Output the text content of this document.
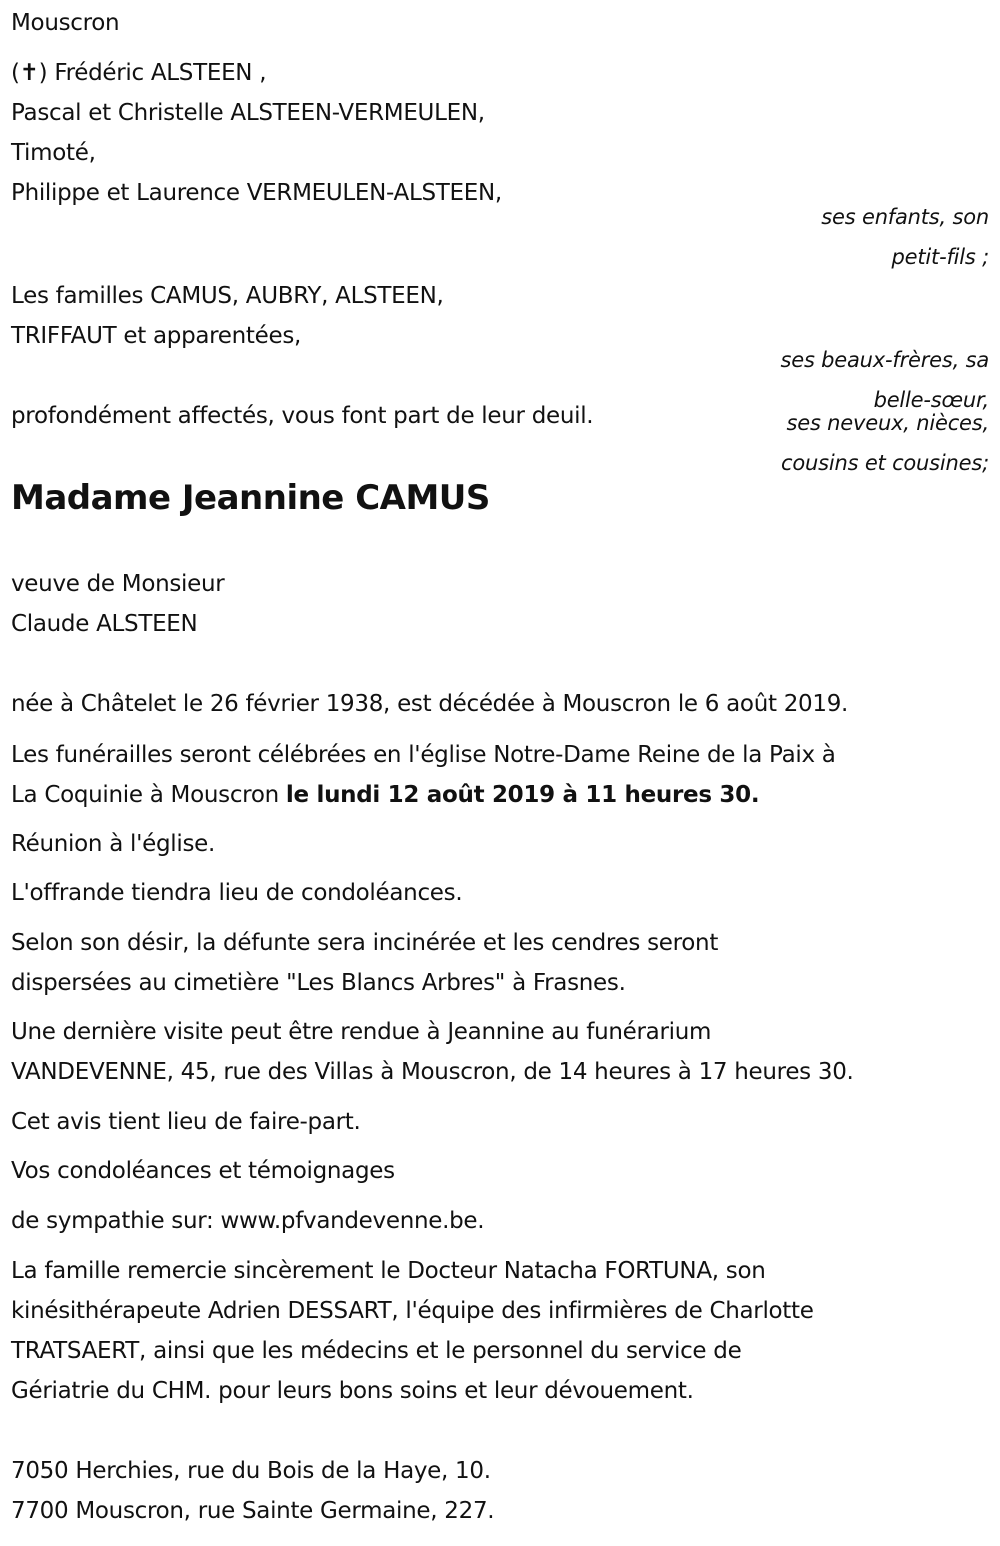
Mouscron
(✝) Frédéric ALSTEEN ,
Pascal et Christelle ALSTEEN-VERMEULEN,
Timoté,
Philippe et Laurence VERMEULEN-ALSTEEN,
ses enfants, son
petit-fils ;
Les familles CAMUS, AUBRY, ALSTEEN,
TRIFFAUT et apparentées,
ses beaux-frères, sa
belle-sœur,
ses neveux, nièces,
cousins et cousines;
profondément affectés, vous font part de leur deuil.
Madame Jeannine CAMUS
veuve de Monsieur
Claude ALSTEEN
née à Châtelet le 26 février 1938, est décédée à Mouscron le 6 août 2019.
Les funérailles seront célébrées en l'église Notre-Dame Reine de la Paix à
La Coquinie à Mouscron le lundi 12 août 2019 à 11 heures 30.
Réunion à l'église.
L'offrande tiendra lieu de condoléances.
Selon son désir, la défunte sera incinérée et les cendres seront
dispersées au cimetière "Les Blancs Arbres" à Frasnes.
Une dernière visite peut être rendue à Jeannine au funérarium
VANDEVENNE, 45, rue des Villas à Mouscron, de 14 heures à 17 heures 30.
Cet avis tient lieu de faire-part.
Vos condoléances et témoignages
de sympathie sur: www.pfvandevenne.be.
La famille remercie sincèrement le Docteur Natacha FORTUNA, son
kinésithérapeute Adrien DESSART, l'équipe des infirmières de Charlotte
TRATSAERT, ainsi que les médecins et le personnel du service de
Gériatrie du CHM. pour leurs bons soins et leur dévouement.
7050 Herchies, rue du Bois de la Haye, 10.
7700 Mouscron, rue Sainte Germaine, 227.
